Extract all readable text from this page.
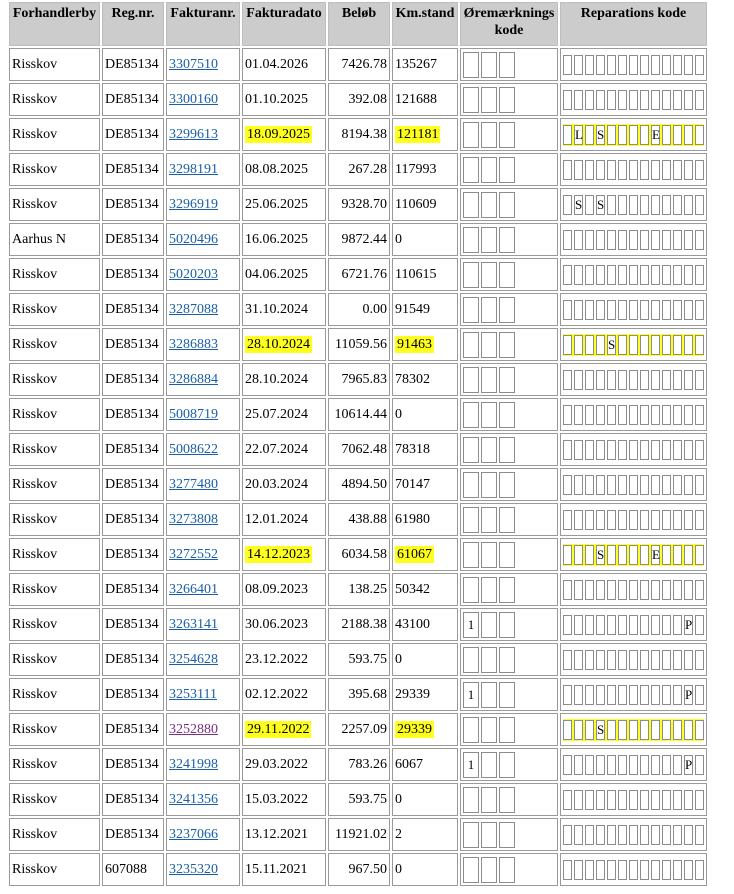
Forhandlerby	Reg.nr.	Fakturanr.	Fakturadato	Beløb	Km.stand	Øremærknings kode	Reparations kode
Risskov	DE85134	3307510	01.04.2026	7426.78	135267	

Risskov	DE85134	3300160	01.10.2025	392.08	121688	

Risskov	DE85134	3299613	18.09.2025	8194.38	121181		L S E

Risskov	DE85134	3298191	08.08.2025	267.28	117993	

Risskov	DE85134	3296919	25.06.2025	9328.70	110609		S S

Aarhus N	DE85134	5020496	16.06.2025	9872.44	0	

Risskov	DE85134	5020203	04.06.2025	6721.76	110615	

Risskov	DE85134	3287088	31.10.2024	0.00	91549	

Risskov	DE85134	3286883	28.10.2024	11059.56	91463		S

Risskov	DE85134	3286884	28.10.2024	7965.83	78302	

Risskov	DE85134	5008719	25.07.2024	10614.44	0	

Risskov	DE85134	5008622	22.07.2024	7062.48	78318	

Risskov	DE85134	3277480	20.03.2024	4894.50	70147	

Risskov	DE85134	3273808	12.01.2024	438.88	61980	

Risskov	DE85134	3272552	14.12.2023	6034.58	61067		S E

Risskov	DE85134	3266401	08.09.2023	138.25	50342	

Risskov	DE85134	3263141	30.06.2023	2188.38	43100	1	P

Risskov	DE85134	3254628	23.12.2022	593.75	0	

Risskov	DE85134	3253111	02.12.2022	395.68	29339	1	P

Risskov	DE85134	3252880	29.11.2022	2257.09	29339		S

Risskov	DE85134	3241998	29.03.2022	783.26	6067	1	P

Risskov	DE85134	3241356	15.03.2022	593.75	0	

Risskov	DE85134	3237066	13.12.2021	11921.02	2	

Risskov	607088	3235320	15.11.2021	967.50	0	
